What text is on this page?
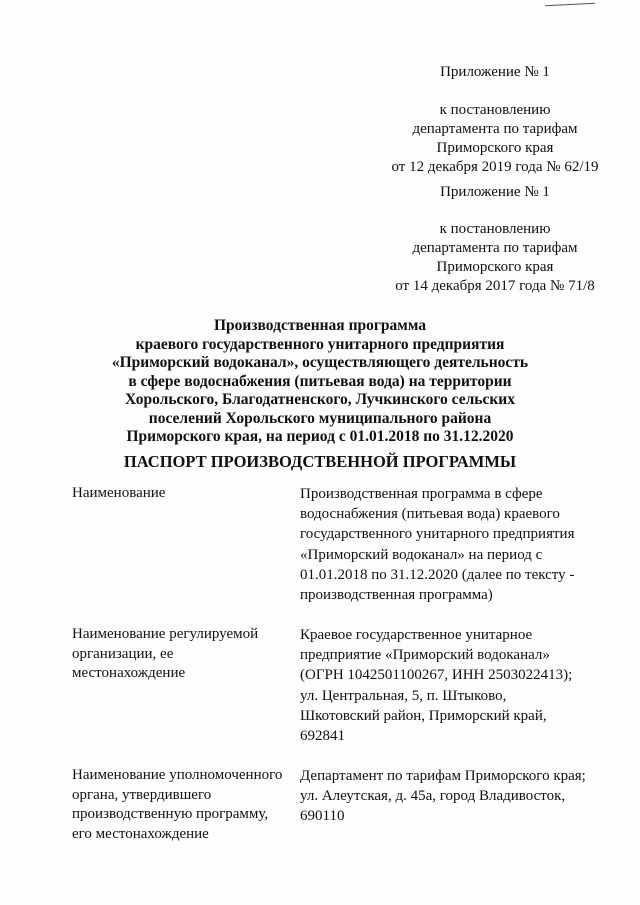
Приложение № 1
к постановлению
департамента по тарифам
Приморского края
от 12 декабря 2019 года № 62/19
Приложение № 1
к постановлению
департамента по тарифам
Приморского края
от 14 декабря 2017 года № 71/8
Производственная программа
краевого государственного унитарного предприятия
«Приморский водоканал», осуществляющего деятельность
в сфере водоснабжения (питьевая вода) на территории
Хорольского, Благодатненского, Лучкинского сельских
поселений Хорольского муниципального района
Приморского края, на период с 01.01.2018 по 31.12.2020
ПАСПОРТ ПРОИЗВОДСТВЕННОЙ ПРОГРАММЫ
Наименование	Производственная программа в сфере
водоснабжения (питьевая вода) краевого
государственного унитарного предприятия
«Приморский водоканал» на период с
01.01.2018 по 31.12.2020 (далее по тексту -
производственная программа)
Наименование регулируемой
организации, ее
местонахождение
Краевое государственное унитарное
предприятие «Приморский водоканал»
(ОГРН 1042501100267, ИНН 2503022413);
ул. Центральная, 5, п. Штыково,
Шкотовский район, Приморский край,
692841
Наименование уполномоченного
органа, утвердившего
производственную программу,
его местонахождение
Департамент по тарифам Приморского края;
ул. Алеутская, д. 45а, город Владивосток,
690110
